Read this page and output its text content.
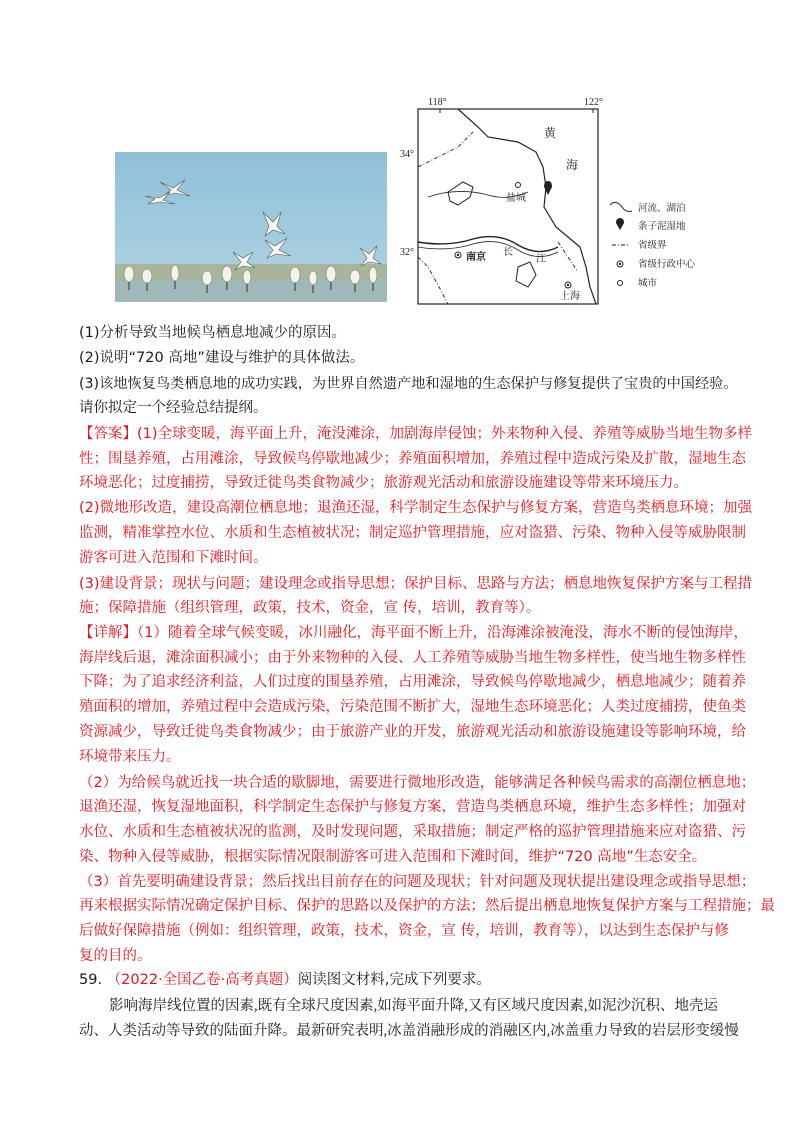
118°	122°
34°
32°
黄
海
长
江
盐城
南京
上海
河流、湖泊
条子泥湿地
省级界
省级行政中心
城市
(1)分析导致当地候鸟栖息地减少的原因。
(2)说明“720 高地”建设与维护的具体做法。
(3)该地恢复鸟类栖息地的成功实践，为世界自然遗产地和湿地的生态保护与修复提供了宝贵的中国经验。
请你拟定一个经验总结提纲。
【答案】(1)全球变暖，海平面上升，淹没滩涂，加剧海岸侵蚀；外来物种入侵、养殖等威胁当地生物多样
性；围垦养殖，占用滩涂，导致候鸟停歇地减少；养殖面积增加，养殖过程中造成污染及扩散，湿地生态
环境恶化；过度捕捞，导致迁徙鸟类食物减少；旅游观光活动和旅游设施建设等带来环境压力。
(2)微地形改造，建设高潮位栖息地；退渔还湿，科学制定生态保护与修复方案，营造鸟类栖息环境；加强
监测，精准掌控水位、水质和生态植被状况；制定巡护管理措施，应对盗猎、污染、物种入侵等威胁限制
游客可进入范围和下滩时间。
(3)建设背景；现状与问题；建设理念或指导思想；保护目标、思路与方法；栖息地恢复保护方案与工程措
施；保障措施（组织管理，政策，技术，资金，宣 传，培训，教育等）。
【详解】（1）随着全球气候变暖，冰川融化，海平面不断上升，沿海滩涂被淹没，海水不断的侵蚀海岸，
海岸线后退，滩涂面积减小；由于外来物种的入侵、人工养殖等威胁当地生物多样性，使当地生物多样性
下降；为了追求经济利益，人们过度的围垦养殖，占用滩涂，导致候鸟停歇地减少，栖息地减少；随着养
殖面积的增加，养殖过程中会造成污染，污染范围不断扩大，湿地生态环境恶化；人类过度捕捞，使鱼类
资源减少，导致迁徙鸟类食物减少；由于旅游产业的开发，旅游观光活动和旅游设施建设等影响环境，给
环境带来压力。
（2）为给候鸟就近找一块合适的歇脚地，需要进行微地形改造，能够满足各种候鸟需求的高潮位栖息地；
退渔还湿，恢复湿地面积，科学制定生态保护与修复方案，营造鸟类栖息环境，维护生态多样性；加强对
水位、水质和生态植被状况的监测，及时发现问题，采取措施；制定严格的巡护管理措施来应对盗猎、污
染、物种入侵等威胁，根据实际情况限制游客可进入范围和下滩时间，维护“720 高地”生态安全。
（3）首先要明确建设背景；然后找出目前存在的问题及现状；针对问题及现状提出建设理念或指导思想；
再来根据实际情况确定保护目标、保护的思路以及保护的方法；然后提出栖息地恢复保护方案与工程措施；最
后做好保障措施（例如：组织管理，政策，技术，资金，宣 传，培训，教育等），以达到生态保护与修
复的目的。
59. （2022·全国乙卷·高考真题）阅读图文材料,完成下列要求。
影响海岸线位置的因素,既有全球尺度因素,如海平面升降,又有区域尺度因素,如泥沙沉积、地壳运
动、人类活动等导致的陆面升降。最新研究表明,冰盖消融形成的消融区内,冰盖重力导致的岩层形变缓慢
